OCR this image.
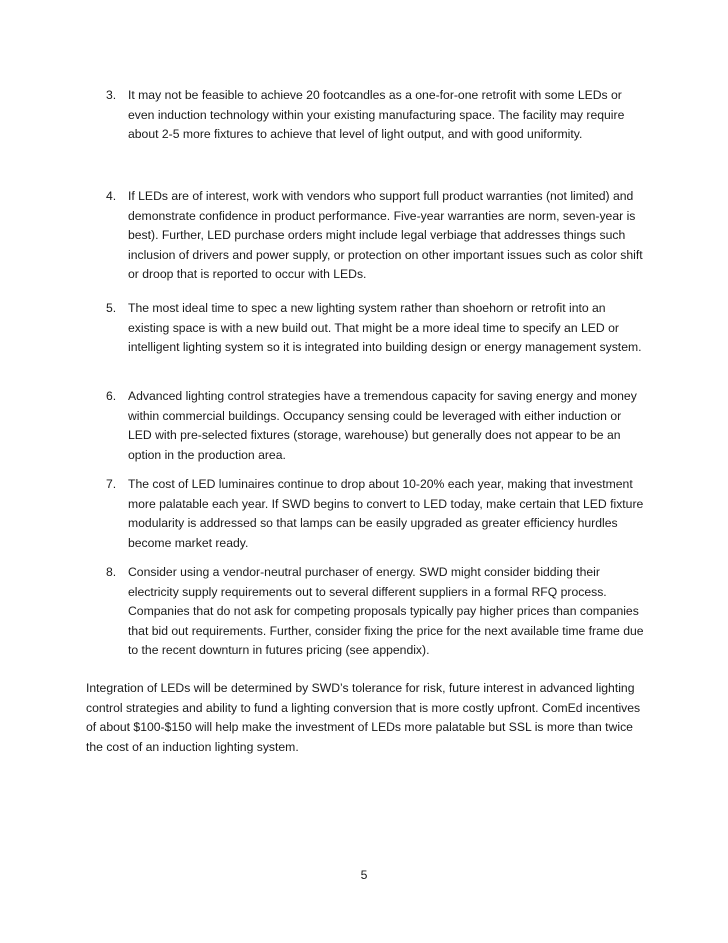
3. It may not be feasible to achieve 20 footcandles as a one-for-one retrofit with some LEDs or even induction technology within your existing manufacturing space. The facility may require about 2-5 more fixtures to achieve that level of light output, and with good uniformity.
4. If LEDs are of interest, work with vendors who support full product warranties (not limited) and demonstrate confidence in product performance. Five-year warranties are norm, seven-year is best). Further, LED purchase orders might include legal verbiage that addresses things such inclusion of drivers and power supply, or protection on other important issues such as color shift or droop that is reported to occur with LEDs.
5. The most ideal time to spec a new lighting system rather than shoehorn or retrofit into an existing space is with a new build out. That might be a more ideal time to specify an LED or intelligent lighting system so it is integrated into building design or energy management system.
6. Advanced lighting control strategies have a tremendous capacity for saving energy and money within commercial buildings. Occupancy sensing could be leveraged with either induction or LED with pre-selected fixtures (storage, warehouse) but generally does not appear to be an option in the production area.
7. The cost of LED luminaires continue to drop about 10-20% each year, making that investment more palatable each year. If SWD begins to convert to LED today, make certain that LED fixture modularity is addressed so that lamps can be easily upgraded as greater efficiency hurdles become market ready.
8. Consider using a vendor-neutral purchaser of energy. SWD might consider bidding their electricity supply requirements out to several different suppliers in a formal RFQ process. Companies that do not ask for competing proposals typically pay higher prices than companies that bid out requirements. Further, consider fixing the price for the next available time frame due to the recent downturn in futures pricing (see appendix).
Integration of LEDs will be determined by SWD’s tolerance for risk, future interest in advanced lighting control strategies and ability to fund a lighting conversion that is more costly upfront. ComEd incentives of about $100-$150 will help make the investment of LEDs more palatable but SSL is more than twice the cost of an induction lighting system.
5
